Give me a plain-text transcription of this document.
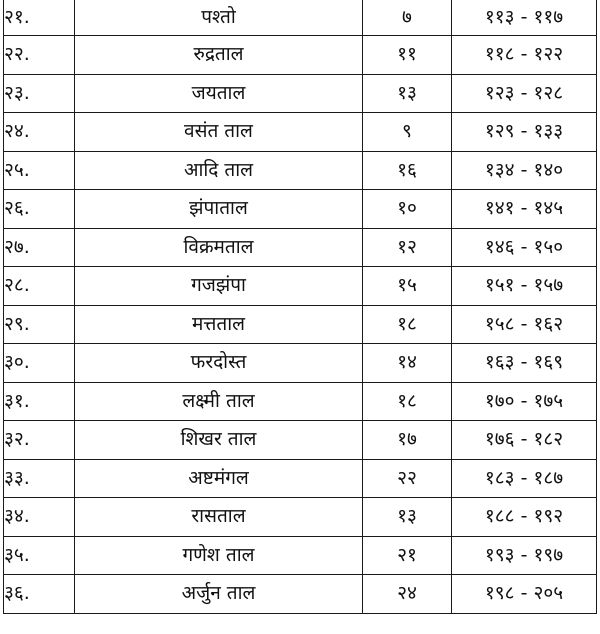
२१.	पश्तो	७	११३ - ११७
२२.	रुद्रताल	११	११८ - १२२
२३.	जयताल	१३	१२३ - १२८
२४.	वसंत ताल	९	१२९ - १३३
२५.	आदि ताल	१६	१३४ - १४०
२६.	झंपाताल	१०	१४१ - १४५
२७.	विक्रमताल	१२	१४६ - १५०
२८.	गजझंपा	१५	१५१ - १५७
२९.	मत्तताल	१८	१५८ - १६२
३०.	फरदोस्त	१४	१६३ - १६९
३१.	लक्ष्मी ताल	१८	१७० - १७५
३२.	शिखर ताल	१७	१७६ - १८२
३३.	अष्टमंगल	२२	१८३ - १८७
३४.	रासताल	१३	१८८ - १९२
३५.	गणेश ताल	२१	१९३ - १९७
३६.	अर्जुन ताल	२४	१९८ - २०५
